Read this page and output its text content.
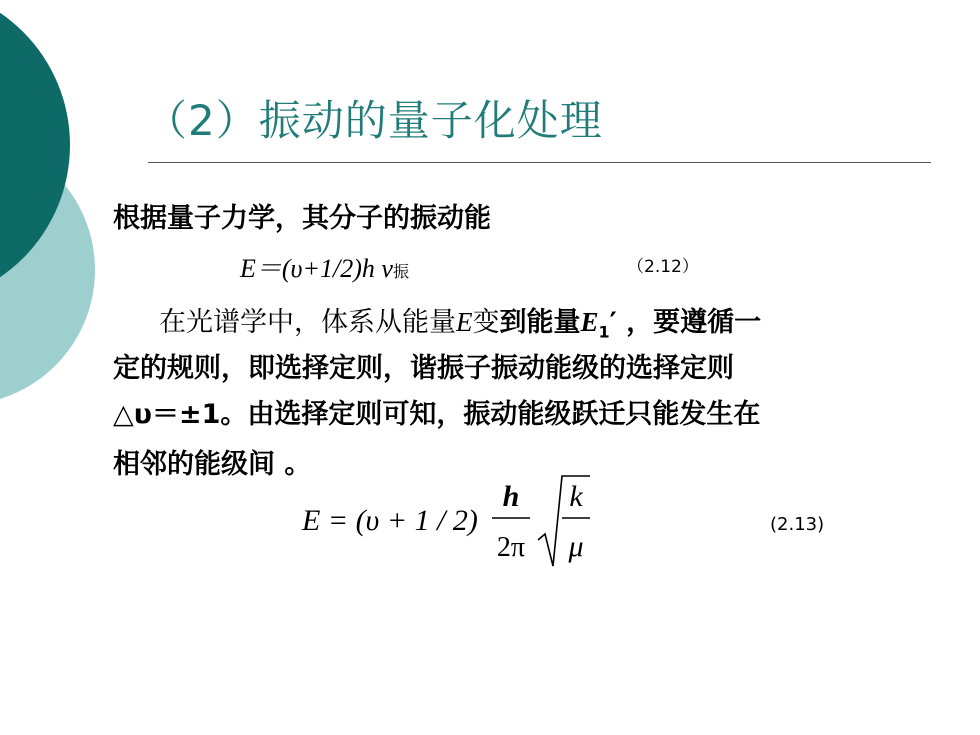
（2）振动的量子化处理
根据量子力学，其分子的振动能
E＝(υ+1/2)h v振	（2.12）
在光谱学中，体系从能量E变到能量$E_1'$ ，要遵循一
定的规则，即选择定则，谐振子振动能级的选择定则
△υ＝±1。由选择定则可知，振动能级跃迁只能发生在
相邻的能级间 。
E = (υ + 1 / 2)
h
2π
k
μ
(2.13)
